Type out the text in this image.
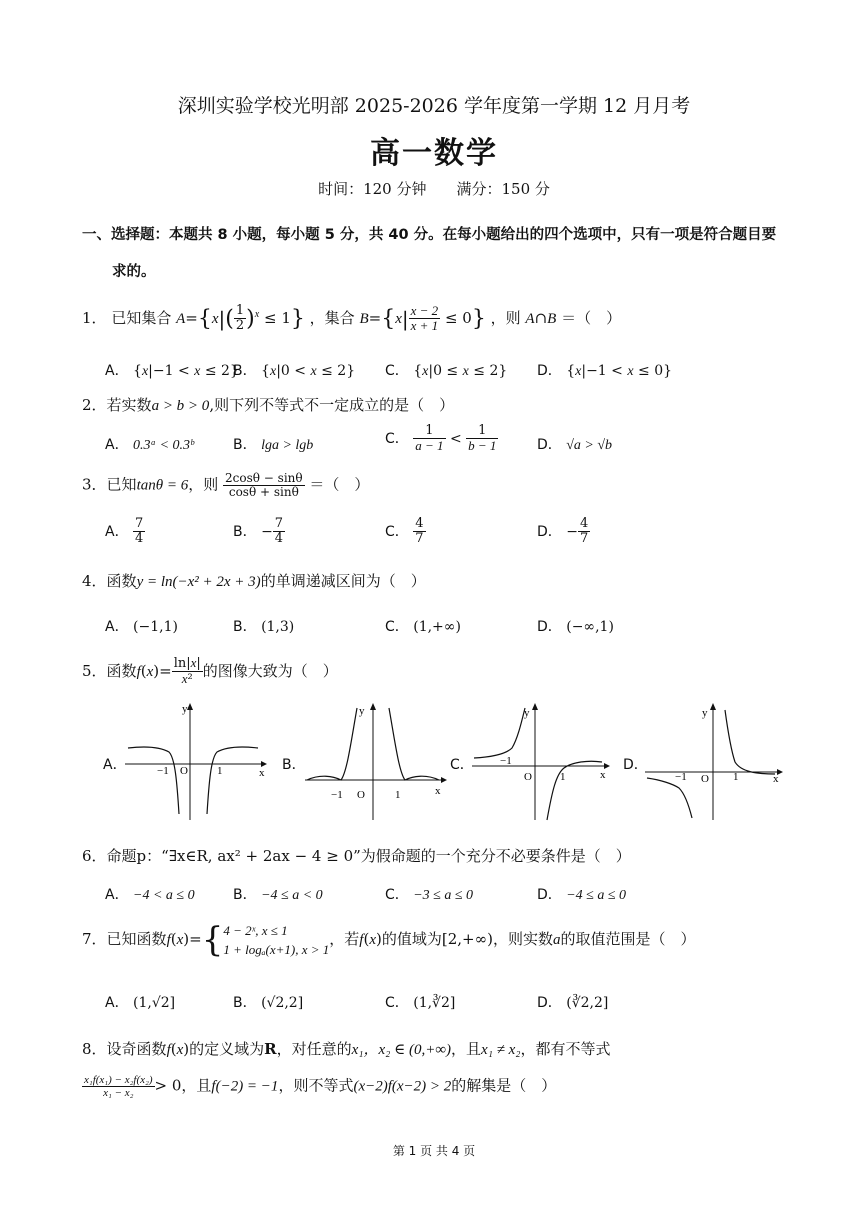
深圳实验学校光明部 2025-2026 学年度第一学期 12 月月考
高一数学
时间：120 分钟　　满分：150 分
一、选择题：本题共 8 小题，每小题 5 分，共 40 分。在每小题给出的四个选项中，只有一项是符合题目要
求的。
1． 已知集合 $A=\{x|( \frac{1}{2} )^x \le 1\}$ ，集合 $B=\{x| \frac{x - 2}{x + 1} \le 0\}$ ，则 A∩B ＝（　）
A． {x|−1 < x ≤ 2}
B． {x|0 < x ≤ 2} C． {x|0 ≤ x ≤ 2} D． {x|−1 < x ≤ 0}
2．若实数a > b > 0,则下列不等式不一定成立的是（　）
A． 0.3ᵃ < 0.3ᵇ	B． lga > lgb	C． $\frac{1}{a - 1} < \frac{1}{b - 1}$	D． √a > √b
3．已知tanθ = 6，则 $\frac{2\cos\theta - \sin\theta}{\cos\theta + \sin\theta}$ ＝（　）
A． $\frac{7}{4}$	B． − $\frac{7}{4}$	C． $\frac{4}{7}$	D． − $\frac{4}{7}$
4．函数y = ln(−x² + 2x + 3)的单调递减区间为（　）
A． (−1,1)	B． (1,3)	C． (1,+∞)	D． (−∞,1)
5．函数$f(x)= \frac{\ln|x|}{\text{x²}}$ 的图像大致为（　）
A．	B．	C．	D．
y
x
−1 O	1
y
x
−1 O	1
y
x
−1
O	1
y
x
−1 O 1
6．命题p：“∃x∈R, ax² + 2ax − 4 ≥ 0”为假命题的一个充分不必要条件是（　）
A． −4 < a ≤ 0	B． −4 ≤ a < 0	C． −3 ≤ a ≤ 0	D． −4 ≤ a ≤ 0
7．已知函数f(x)={ 4 − 2ˣ, x ≤ 1
1 + logₐ(x+1), x > 1
，若f(x)的值域为[2,+∞)，则实数a的取值范围是（　）
A． (1,√2]	B． (√2,2]	C． (1,∛2]	D． (∛2,2]
8．设奇函数f(x)的定义域为R，对任意的x₁，x₂ ∈ (0,+∞)，且x₁ ≠ x₂，都有不等式
$\frac{\text{x₁f(x₁) − x₂f(x₂)}}{\text{x₁ − x₂}} > 0$，且f(−2) = −1，则不等式(x−2)f(x−2) > 2的解集是（　）
第 1 页 共 4 页
